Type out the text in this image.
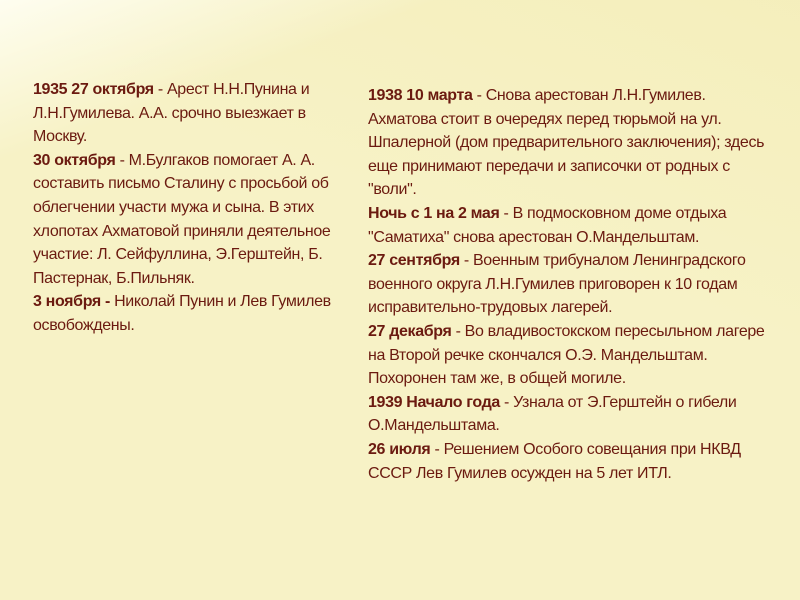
1935 27 октября - Арест Н.Н.Пунина и Л.Н.Гумилева. А.А. срочно выезжает в Москву.

30 октября - М.Булгаков помогает А. А. составить письмо Сталину с просьбой об облегчении участи мужа и сына. В этих хлопотах Ахматовой приняли деятельное участие: Л. Сейфуллина, Э.Герштейн, Б. Пастернак, Б.Пильняк.

3 ноября - Николай Пунин и Лев Гумилев освобождены.

1938 10 марта - Снова арестован Л.Н.Гумилев. Ахматова стоит в очередях перед тюрьмой на ул. Шпалерной (дом предварительного заключения); здесь еще принимают передачи и записочки от родных с "воли".

Ночь с 1 на 2 мая - В подмосковном доме отдыха "Саматиха" снова арестован О.Мандельштам.

27 сентября - Военным трибуналом Ленинградского военного округа Л.Н.Гумилев приговорен к 10 годам исправительно-трудовых лагерей.

27 декабря - Во владивостокском пересыльном лагере на Второй речке скончался О.Э. Мандельштам. Похоронен там же, в общей могиле.

1939 Начало года - Узнала от Э.Герштейн о гибели О.Мандельштама.

26 июля - Решением Особого совещания при НКВД СССР Лев Гумилев осужден на 5 лет ИТЛ.
